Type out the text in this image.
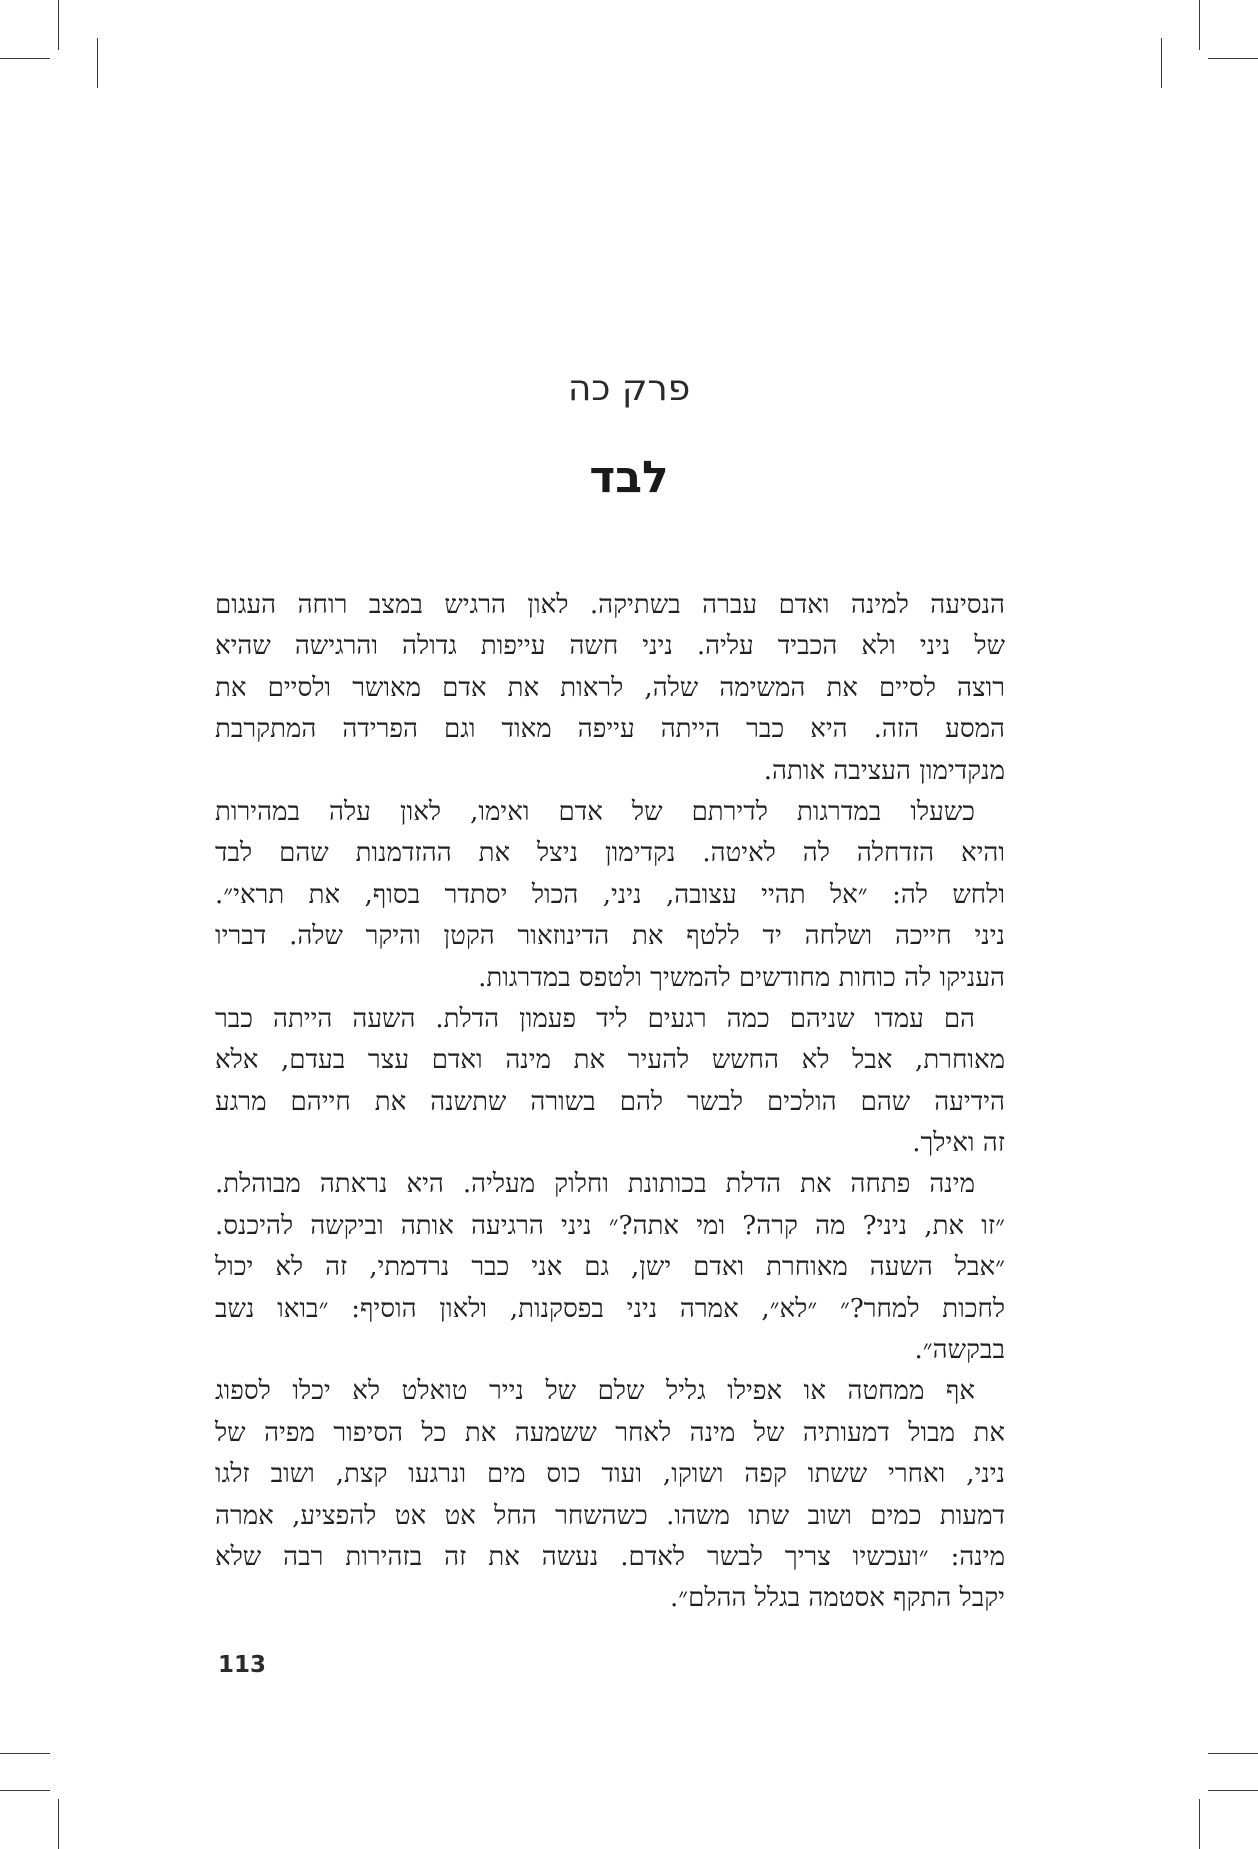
פרק כה
לבד
הנסיעה למינה ואדם עברה בשתיקה. לאון הרגיש במצב רוחה העגום
של ניני ולא הכביד עליה. ניני חשה עייפות גדולה והרגישה שהיא
רוצה לסיים את המשימה שלה, לראות את אדם מאושר ולסיים את
המסע הזה. היא כבר הייתה עייפה מאוד וגם הפרידה המתקרבת
מנקדימון העציבה אותה.
כשעלו במדרגות לדירתם של אדם ואימו, לאון עלה במהירות
והיא הזדחלה לה לאיטה. נקדימון ניצל את ההזדמנות שהם לבד
ולחש לה: ״אל תהיי עצובה, ניני, הכול יסתדר בסוף, את תראי״.
ניני חייכה ושלחה יד ללטף את הדינוזאור הקטן והיקר שלה. דבריו
העניקו לה כוחות מחודשים להמשיך ולטפס במדרגות.
הם עמדו שניהם כמה רגעים ליד פעמון הדלת. השעה הייתה כבר
מאוחרת, אבל לא החשש להעיר את מינה ואדם עצר בעדם, אלא
הידיעה שהם הולכים לבשר להם בשורה שתשנה את חייהם מרגע
זה ואילך.
מינה פתחה את הדלת בכותונת וחלוק מעליה. היא נראתה מבוהלת.
״זו את, ניני? מה קרה? ומי אתה?״ ניני הרגיעה אותה וביקשה להיכנס.
״אבל השעה מאוחרת ואדם ישן, גם אני כבר נרדמתי, זה לא יכול
לחכות למחר?״ ״לא״, אמרה ניני בפסקנות, ולאון הוסיף: ״בואו נשב
בבקשה״.
אף ממחטה או אפילו גליל שלם של נייר טואלט לא יכלו לספוג
את מבול דמעותיה של מינה לאחר ששמעה את כל הסיפור מפיה של
ניני, ואחרי ששתו קפה ושוקו, ועוד כוס מים ונרגעו קצת, ושוב זלגו
דמעות כמים ושוב שתו משהו. כשהשחר החל אט אט להפציע, אמרה
מינה: ״ועכשיו צריך לבשר לאדם. נעשה את זה בזהירות רבה שלא
יקבל התקף אסטמה בגלל ההלם״.
113
